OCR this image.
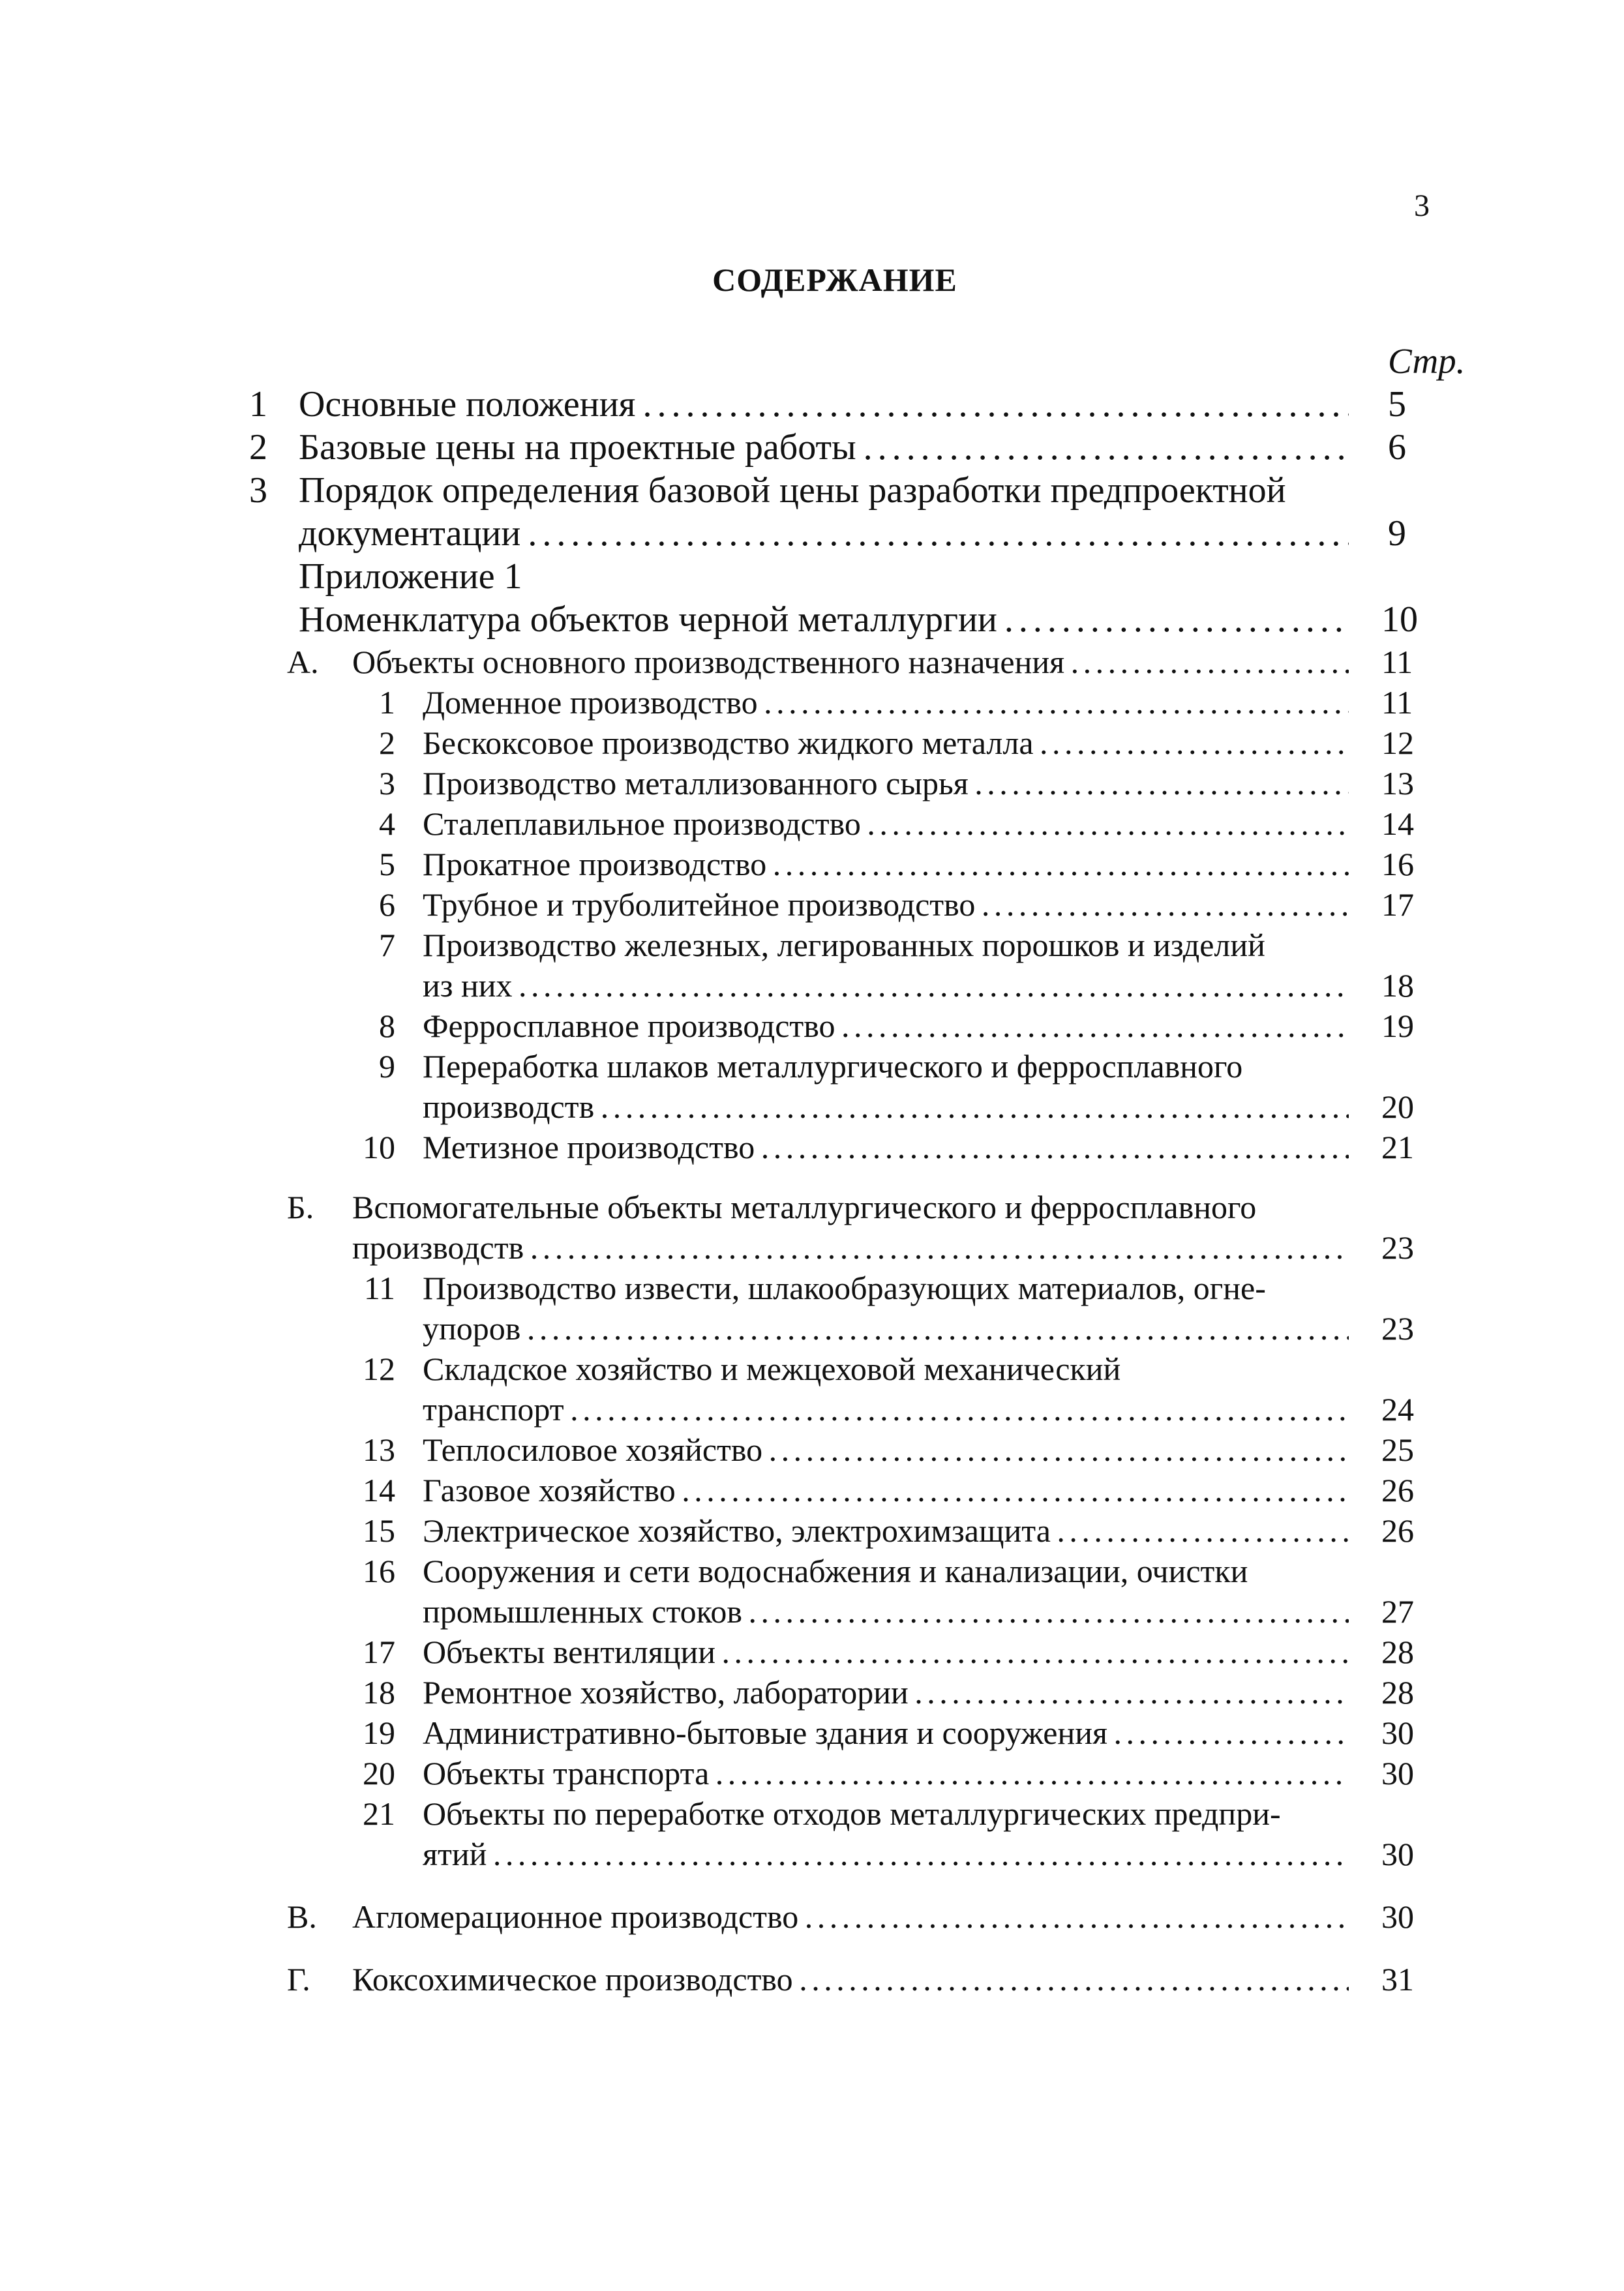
3
СОДЕРЖАНИЕ
Стр.
1 Основные положения . . .	5
2 Базовые цены на проектные работы . . .	6
3 Порядок определения базовой цены разработки предпроектной
документации . . .	9
Приложение 1
Номенклатура объектов черной металлургии . . .	10
А. Объекты основного производственного назначения . . .	11
1 Доменное производство . . .	11
2 Бескоксовое производство жидкого металла . . .	12
3 Производство металлизованного сырья . . .	13
4 Сталеплавильное производство . . .	14
5 Прокатное производство . . .	16
6 Трубное и труболитейное производство . . .	17
7 Производство железных, легированных порошков и изделий
из них . . .	18
8 Ферросплавное производство . . .	19
9 Переработка шлаков металлургического и ферросплавного
производств . . .	20
10 Метизное производство . . .	21
Б. Вспомогательные объекты металлургического и ферросплавного
производств . . .	23
11 Производство извести, шлакообразующих материалов, огне-
упоров . . .	23
12 Складское хозяйство и межцеховой механический
транспорт . . .	24
13 Теплосиловое хозяйство . . .	25
14 Газовое хозяйство . . .	26
15 Электрическое хозяйство, электрохимзащита . . .	26
16 Сооружения и сети водоснабжения и канализации, очистки
промышленных стоков . . .	27
17 Объекты вентиляции . . .	28
18 Ремонтное хозяйство, лаборатории . . .	28
19 Административно-бытовые здания и сооружения . . .	30
20 Объекты транспорта . . .	30
21 Объекты по переработке отходов металлургических предпри-
ятий . . .	30
В. Агломерационное производство . . .	30
Г. Коксохимическое производство . . .	31
